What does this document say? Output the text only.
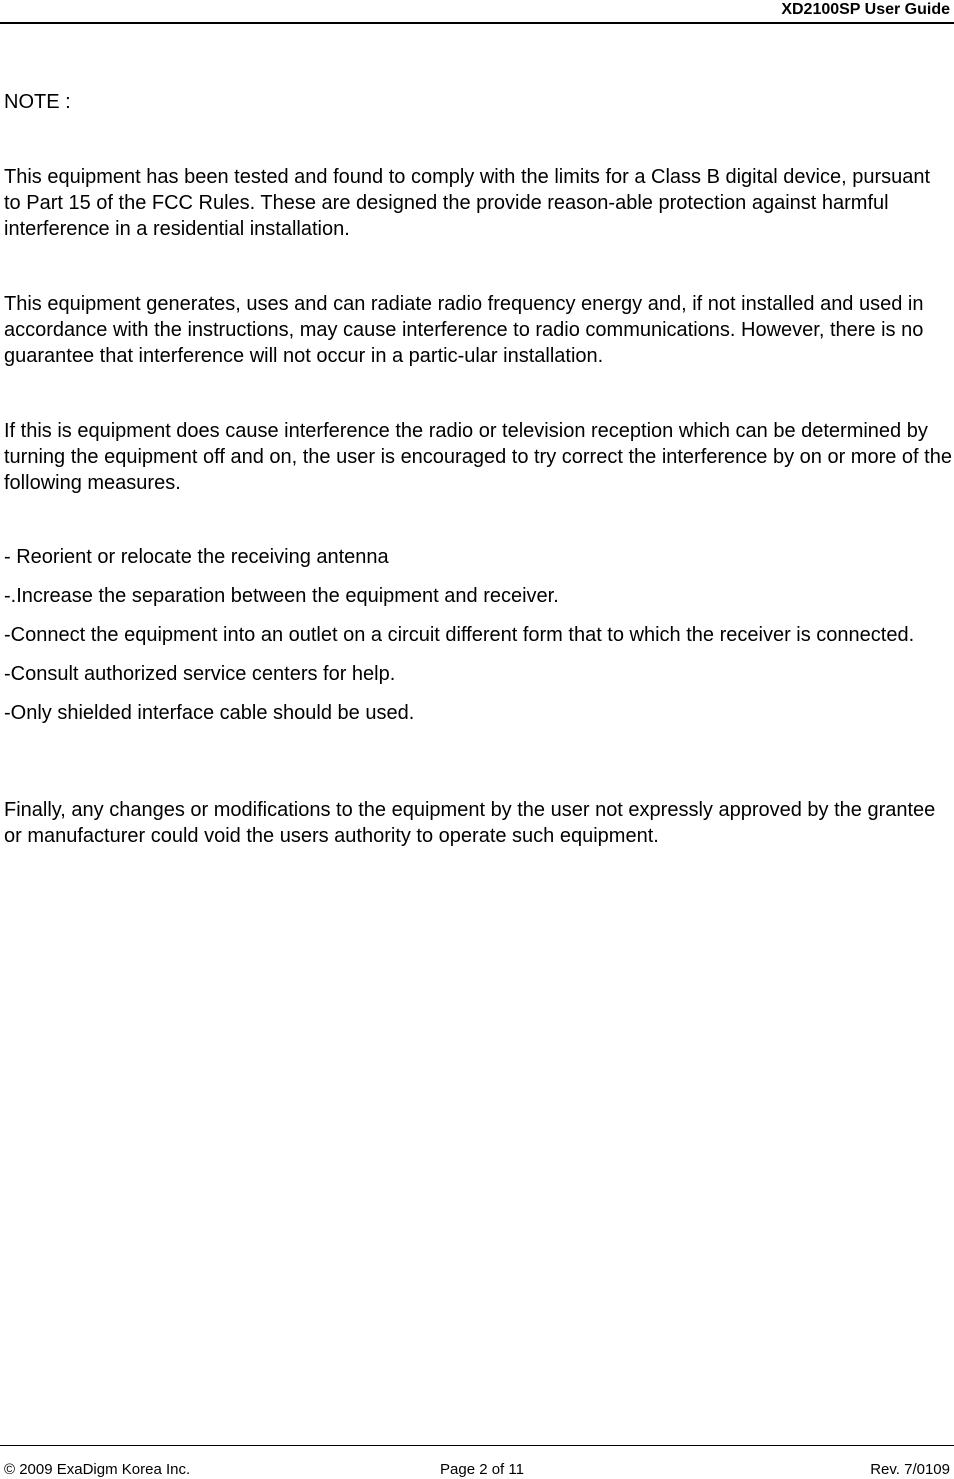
XD2100SP User Guide
NOTE :
This equipment has been tested and found to comply with the limits for a Class B digital device, pursuant to Part 15 of the FCC Rules. These are designed the provide reason-able protection against harmful interference in a residential installation.
This equipment generates, uses and can radiate radio frequency energy and, if not installed and used in accordance with the instructions, may cause interference to radio communications. However, there is no guarantee that interference will not occur in a partic-ular installation.
If this is equipment does cause interference the radio or television reception which can be determined by turning the equipment off and on, the user is encouraged to try correct the interference by on or more of the following measures.
- Reorient or relocate the receiving antenna
-.Increase the separation between the equipment and receiver.
-Connect the equipment into an outlet on a circuit different form that to which the receiver is connected.
-Consult authorized service centers for help.
-Only shielded interface cable should be used.
Finally, any changes or modifications to the equipment by the user not expressly approved by the grantee or manufacturer could void the users authority to operate such equipment.
© 2009 ExaDigm Korea Inc.	Page 2 of 11	Rev. 7/0109
